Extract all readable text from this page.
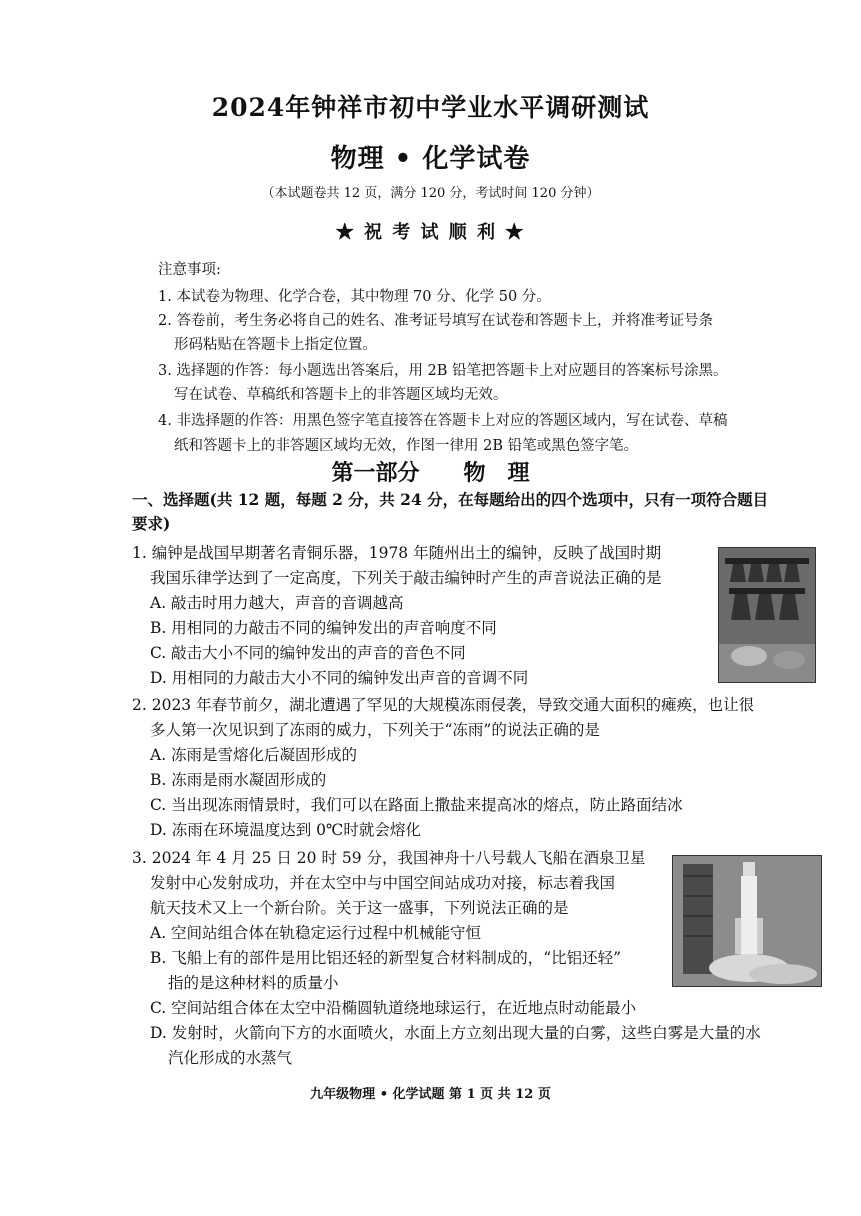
2024年钟祥市初中学业水平调研测试
物理 • 化学试卷
（本试题卷共 12 页，满分 120 分，考试时间 120 分钟）
★ 祝 考 试 顺 利 ★
注意事项:
1. 本试卷为物理、化学合卷，其中物理 70 分、化学 50 分。
2. 答卷前，考生务必将自己的姓名、准考证号填写在试卷和答题卡上，并将准考证号条
形码粘贴在答题卡上指定位置。
3. 选择题的作答：每小题选出答案后，用 2B 铅笔把答题卡上对应题目的答案标号涂黑。
写在试卷、草稿纸和答题卡上的非答题区域均无效。
4. 非选择题的作答：用黑色签字笔直接答在答题卡上对应的答题区域内，写在试卷、草稿
纸和答题卡上的非答题区域均无效，作图一律用 2B 铅笔或黑色签字笔。
第一部分　　物　理
一、选择题(共 12 题，每题 2 分，共 24 分，在每题给出的四个选项中，只有一项符合题目
要求)
1. 编钟是战国早期著名青铜乐器，1978 年随州出土的编钟，反映了战国时期
我国乐律学达到了一定高度，下列关于敲击编钟时产生的声音说法正确的是
A. 敲击时用力越大，声音的音调越高
B. 用相同的力敲击不同的编钟发出的声音响度不同
C. 敲击大小不同的编钟发出的声音的音色不同
D. 用相同的力敲击大小不同的编钟发出声音的音调不同
2. 2023 年春节前夕，湖北遭遇了罕见的大规模冻雨侵袭，导致交通大面积的瘫痪，也让很
多人第一次见识到了冻雨的威力，下列关于“冻雨”的说法正确的是
A. 冻雨是雪熔化后凝固形成的
B. 冻雨是雨水凝固形成的
C. 当出现冻雨情景时，我们可以在路面上撒盐来提高冰的熔点，防止路面结冰
D. 冻雨在环境温度达到 0℃时就会熔化
3. 2024 年 4 月 25 日 20 时 59 分，我国神舟十八号载人飞船在酒泉卫星
发射中心发射成功，并在太空中与中国空间站成功对接，标志着我国
航天技术又上一个新台阶。关于这一盛事，下列说法正确的是
A. 空间站组合体在轨稳定运行过程中机械能守恒
B. 飞船上有的部件是用比铝还轻的新型复合材料制成的，“比铝还轻”
指的是这种材料的质量小
C. 空间站组合体在太空中沿椭圆轨道绕地球运行，在近地点时动能最小
D. 发射时，火箭向下方的水面喷火，水面上方立刻出现大量的白雾，这些白雾是大量的水
汽化形成的水蒸气
九年级物理 • 化学试题 第 1 页 共 12 页
